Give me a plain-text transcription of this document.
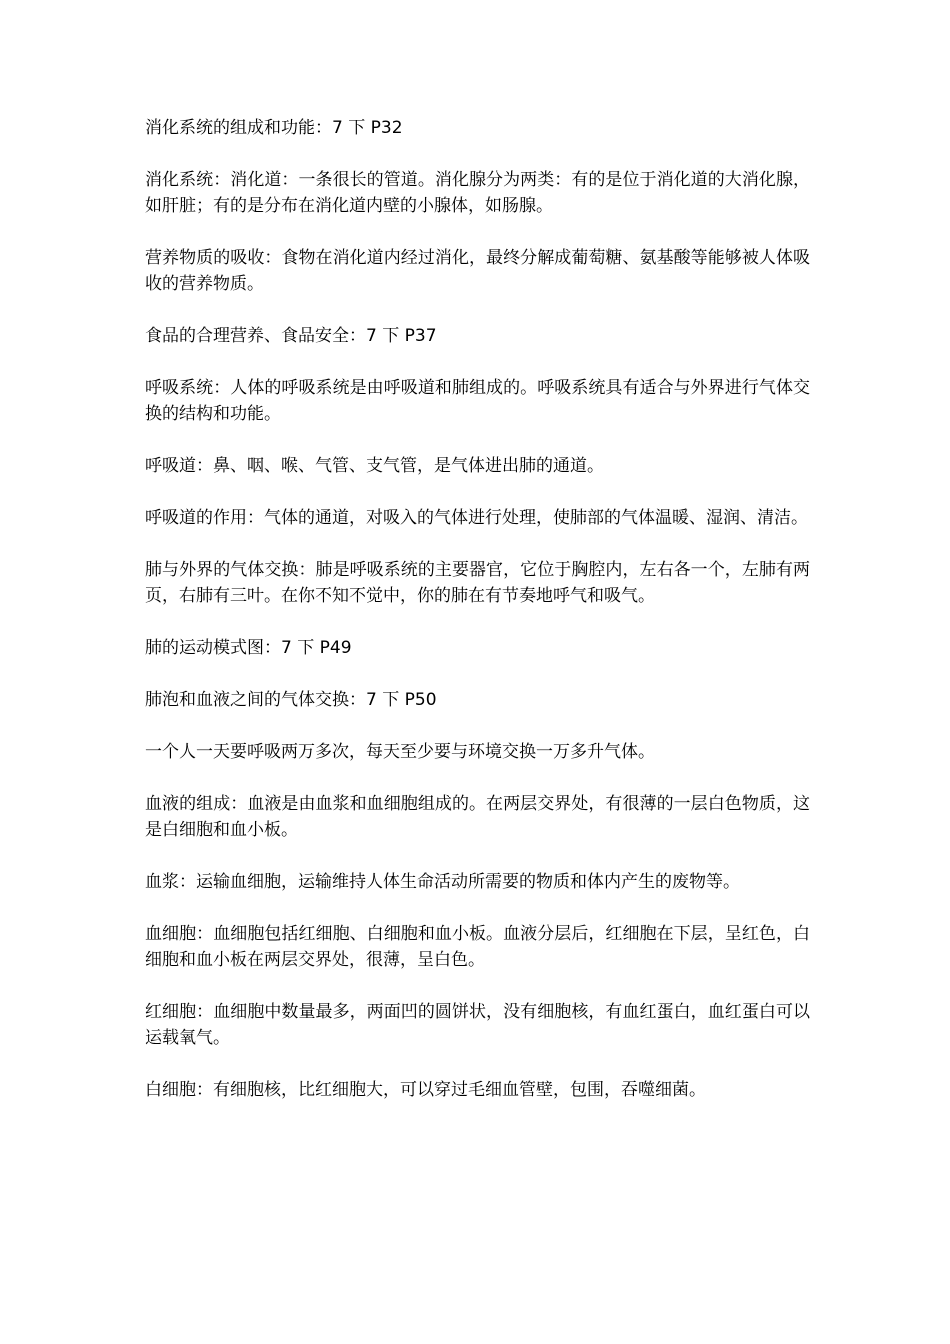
消化系统的组成和功能：7 下 P32

消化系统：消化道：一条很长的管道。消化腺分为两类：有的是位于消化道的大消化腺，如肝脏；有的是分布在消化道内壁的小腺体，如肠腺。

营养物质的吸收：食物在消化道内经过消化，最终分解成葡萄糖、氨基酸等能够被人体吸收的营养物质。

食品的合理营养、食品安全：7 下 P37

呼吸系统：人体的呼吸系统是由呼吸道和肺组成的。呼吸系统具有适合与外界进行气体交换的结构和功能。

呼吸道：鼻、咽、喉、气管、支气管，是气体进出肺的通道。

呼吸道的作用：气体的通道，对吸入的气体进行处理，使肺部的气体温暖、湿润、清洁。

肺与外界的气体交换：肺是呼吸系统的主要器官，它位于胸腔内，左右各一个，左肺有两页，右肺有三叶。在你不知不觉中，你的肺在有节奏地呼气和吸气。

肺的运动模式图：7 下 P49

肺泡和血液之间的气体交换：7 下 P50

一个人一天要呼吸两万多次，每天至少要与环境交换一万多升气体。

血液的组成：血液是由血浆和血细胞组成的。在两层交界处，有很薄的一层白色物质，这是白细胞和血小板。

血浆：运输血细胞，运输维持人体生命活动所需要的物质和体内产生的废物等。

血细胞：血细胞包括红细胞、白细胞和血小板。血液分层后，红细胞在下层，呈红色，白细胞和血小板在两层交界处，很薄，呈白色。

红细胞：血细胞中数量最多，两面凹的圆饼状，没有细胞核，有血红蛋白，血红蛋白可以运载氧气。

白细胞：有细胞核，比红细胞大，可以穿过毛细血管壁，包围，吞噬细菌。
